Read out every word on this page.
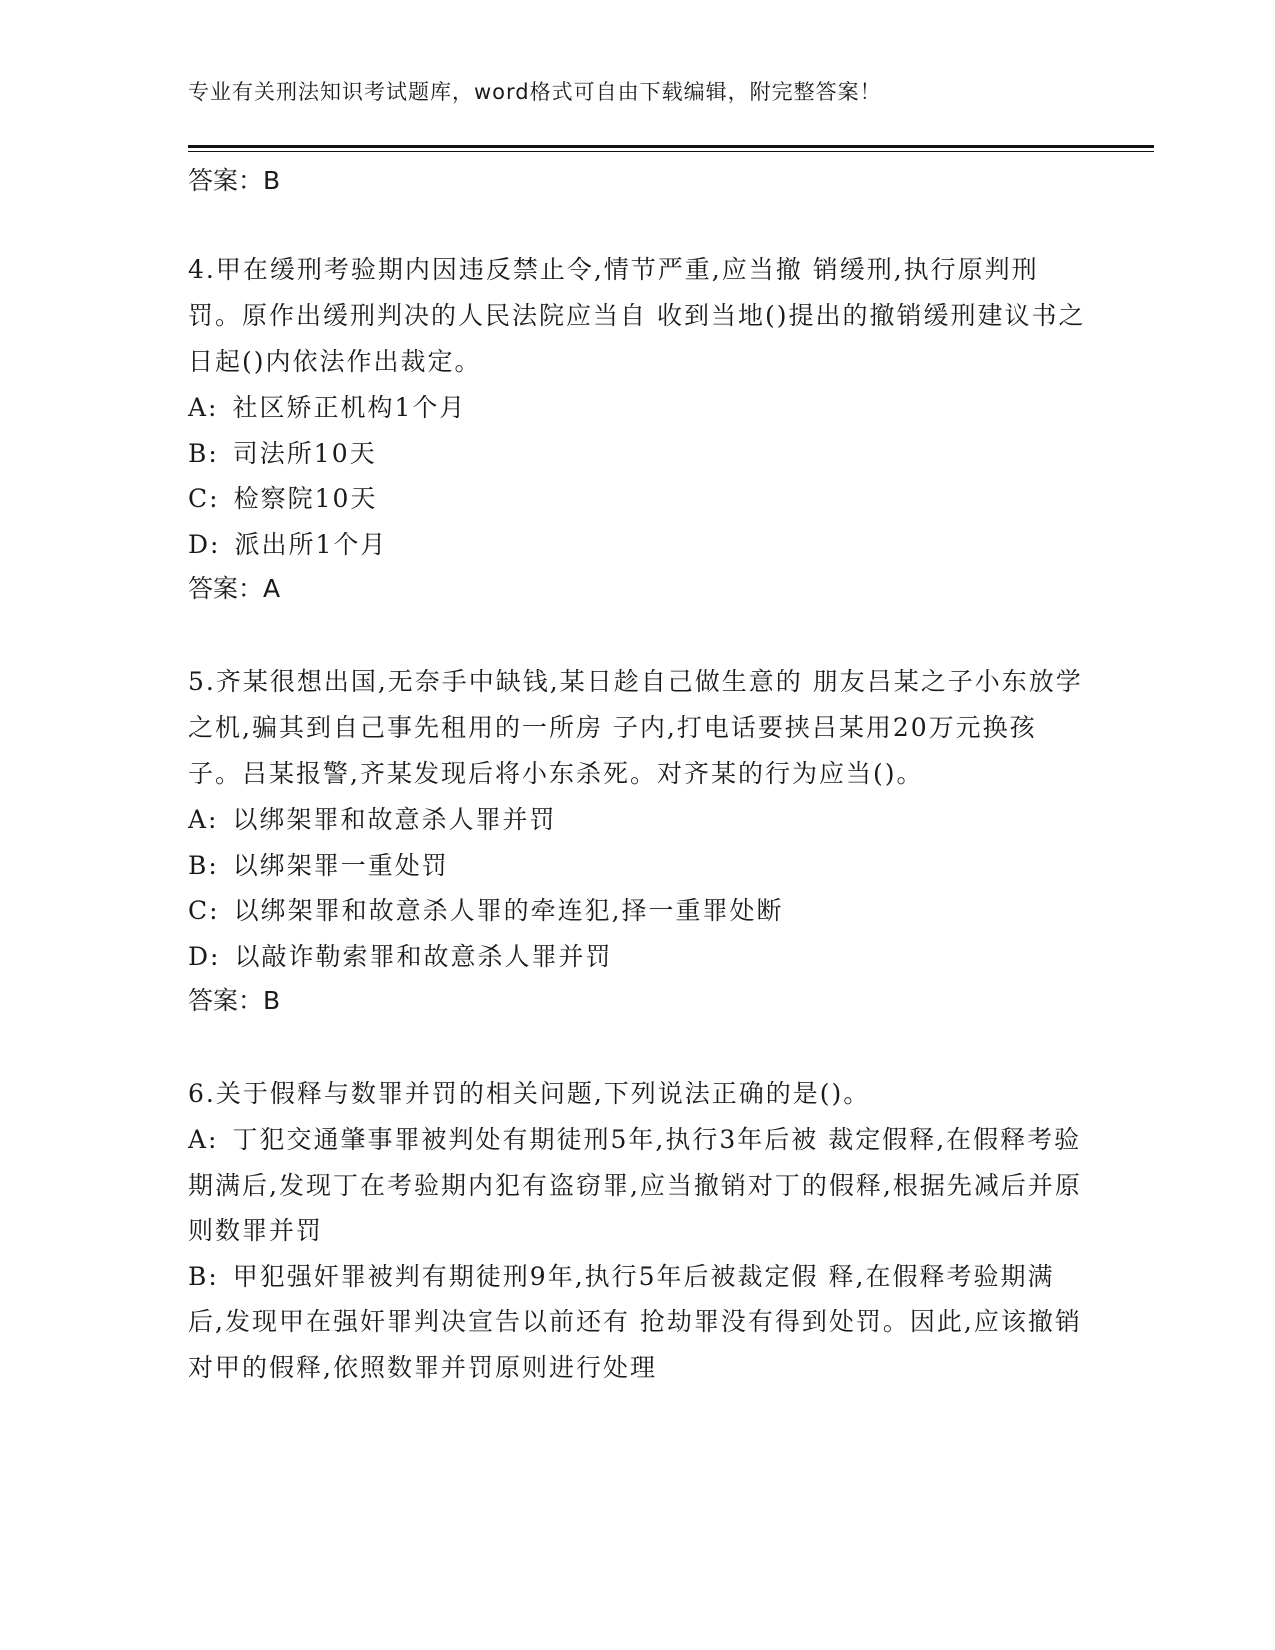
专业有关刑法知识考试题库，word格式可自由下载编辑，附完整答案！

答案：B

4.甲在缓刑考验期内因违反禁止令,情节严重,应当撤 销缓刑,执行原判刑罚。原作出缓刑判决的人民法院应当自 收到当地()提出的撤销缓刑建议书之日起()内依法作出裁定。

A: 社区矫正机构1个月

B: 司法所10天

C: 检察院10天

D: 派出所1个月

答案：A

5.齐某很想出国,无奈手中缺钱,某日趁自己做生意的 朋友吕某之子小东放学之机,骗其到自己事先租用的一所房 子内,打电话要挟吕某用20万元换孩子。吕某报警,齐某发现后将小东杀死。对齐某的行为应当()。

A: 以绑架罪和故意杀人罪并罚

B: 以绑架罪一重处罚

C: 以绑架罪和故意杀人罪的牵连犯,择一重罪处断

D: 以敲诈勒索罪和故意杀人罪并罚

答案：B

6.关于假释与数罪并罚的相关问题,下列说法正确的是()。

A: 丁犯交通肇事罪被判处有期徒刑5年,执行3年后被 裁定假释,在假释考验期满后,发现丁在考验期内犯有盗窃罪,应当撤销对丁的假释,根据先减后并原则数罪并罚

B: 甲犯强奸罪被判有期徒刑9年,执行5年后被裁定假 释,在假释考验期满后,发现甲在强奸罪判决宣告以前还有 抢劫罪没有得到处罚。因此,应该撤销对甲的假释,依照数罪并罚原则进行处理
